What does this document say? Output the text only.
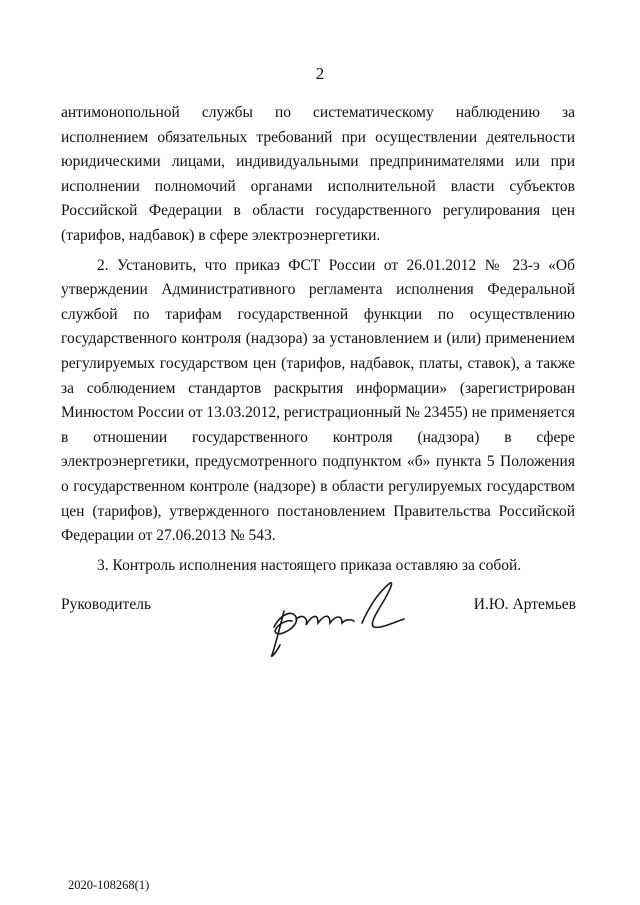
2

антимонопольной службы по систематическому наблюдению за исполнением обязательных требований при осуществлении деятельности юридическими лицами, индивидуальными предпринимателями или при исполнении полномочий органами исполнительной власти субъектов Российской Федерации в области государственного регулирования цен (тарифов, надбавок) в сфере электроэнергетики.

2. Установить, что приказ ФСТ России от 26.01.2012 № 23-э «Об утверждении Административного регламента исполнения Федеральной службой по тарифам государственной функции по осуществлению государственного контроля (надзора) за установлением и (или) применением регулируемых государством цен (тарифов, надбавок, платы, ставок), а также за соблюдением стандартов раскрытия информации» (зарегистрирован Минюстом России от 13.03.2012, регистрационный № 23455) не применяется в отношении государственного контроля (надзора) в сфере электроэнергетики, предусмотренного подпунктом «б» пункта 5 Положения о государственном контроле (надзоре) в области регулируемых государством цен (тарифов), утвержденного постановлением Правительства Российской Федерации от 27.06.2013 № 543.

3. Контроль исполнения настоящего приказа оставляю за собой.

Руководитель	И.Ю. Артемьев
2020-108268(1)
